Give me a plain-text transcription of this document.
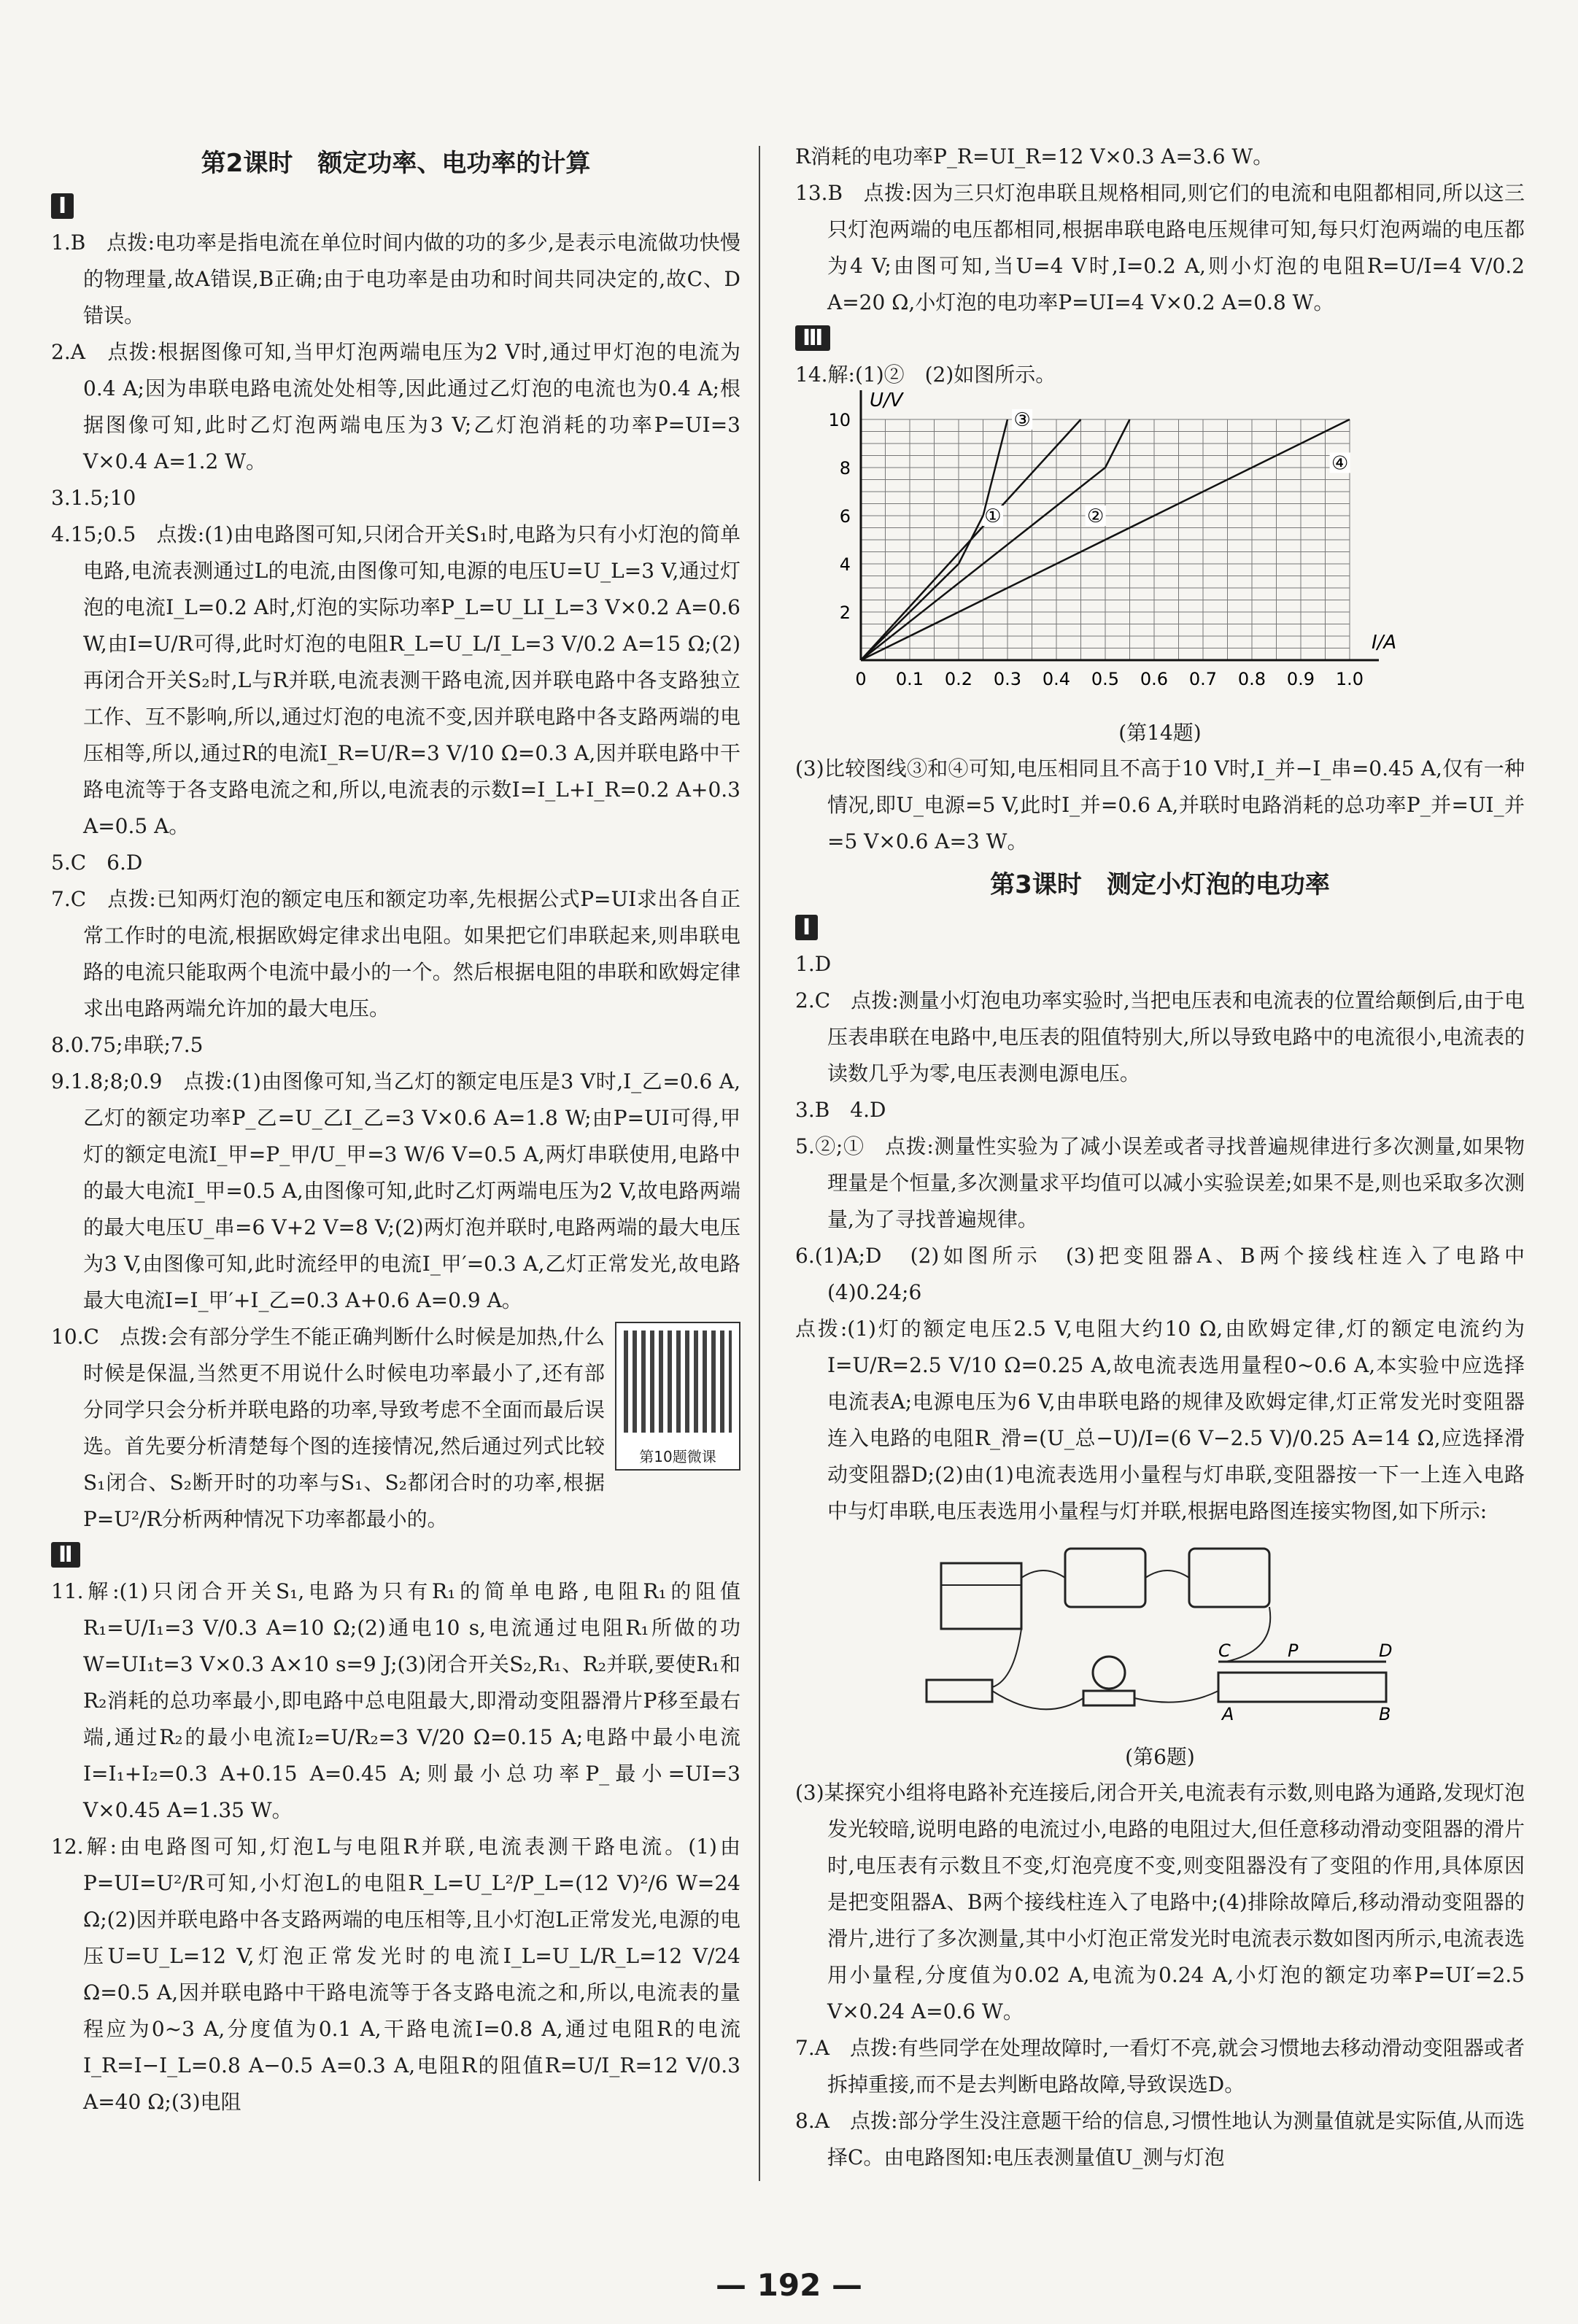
第2课时　额定功率、电功率的计算
Ⅰ

1.B　点拨:电功率是指电流在单位时间内做的功的多少,是表示电流做功快慢的物理量,故A错误,B正确;由于电功率是由功和时间共同决定的,故C、D错误。

2.A　点拨:根据图像可知,当甲灯泡两端电压为2 V时,通过甲灯泡的电流为0.4 A;因为串联电路电流处处相等,因此通过乙灯泡的电流也为0.4 A;根据图像可知,此时乙灯泡两端电压为3 V;乙灯泡消耗的功率P=UI=3 V×0.4 A=1.2 W。

3.1.5;10

4.15;0.5　点拨:(1)由电路图可知,只闭合开关S₁时,电路为只有小灯泡的简单电路,电流表测通过L的电流,由图像可知,电源的电压U=U_L=3 V,通过灯泡的电流I_L=0.2 A时,灯泡的实际功率P_L=U_LI_L=3 V×0.2 A=0.6 W,由I=U/R可得,此时灯泡的电阻R_L=U_L/I_L=3 V/0.2 A=15 Ω;(2)再闭合开关S₂时,L与R并联,电流表测干路电流,因并联电路中各支路独立工作、互不影响,所以,通过灯泡的电流不变,因并联电路中各支路两端的电压相等,所以,通过R的电流I_R=U/R=3 V/10 Ω=0.3 A,因并联电路中干路电流等于各支路电流之和,所以,电流表的示数I=I_L+I_R=0.2 A+0.3 A=0.5 A。

5.C　6.D

7.C　点拨:已知两灯泡的额定电压和额定功率,先根据公式P=UI求出各自正常工作时的电流,根据欧姆定律求出电阻。如果把它们串联起来,则串联电路的电流只能取两个电流中最小的一个。然后根据电阻的串联和欧姆定律求出电路两端允许加的最大电压。

8.0.75;串联;7.5

9.1.8;8;0.9　点拨:(1)由图像可知,当乙灯的额定电压是3 V时,I_乙=0.6 A,乙灯的额定功率P_乙=U_乙I_乙=3 V×0.6 A=1.8 W;由P=UI可得,甲灯的额定电流I_甲=P_甲/U_甲=3 W/6 V=0.5 A,两灯串联使用,电路中的最大电流I_甲=0.5 A,由图像可知,此时乙灯两端电压为2 V,故电路两端的最大电压U_串=6 V+2 V=8 V;(2)两灯泡并联时,电路两端的最大电压为3 V,由图像可知,此时流经甲的电流I_甲′=0.3 A,乙灯正常发光,故电路最大电流I=I_甲′+I_乙=0.3 A+0.6 A=0.9 A。

第10题微课

10.C　点拨:会有部分学生不能正确判断什么时候是加热,什么时候是保温,当然更不用说什么时候电功率最小了,还有部分同学只会分析并联电路的功率,导致考虑不全面而最后误选。首先要分析清楚每个图的连接情况,然后通过列式比较S₁闭合、S₂断开时的功率与S₁、S₂都闭合时的功率,根据P=U²/R分析两种情况下功率都最小的。

Ⅱ

11.解:(1)只闭合开关S₁,电路为只有R₁的简单电路,电阻R₁的阻值R₁=U/I₁=3 V/0.3 A=10 Ω;(2)通电10 s,电流通过电阻R₁所做的功W=UI₁t=3 V×0.3 A×10 s=9 J;(3)闭合开关S₂,R₁、R₂并联,要使R₁和R₂消耗的总功率最小,即电路中总电阻最大,即滑动变阻器滑片P移至最右端,通过R₂的最小电流I₂=U/R₂=3 V/20 Ω=0.15 A;电路中最小电流I=I₁+I₂=0.3 A+0.15 A=0.45 A;则最小总功率P_最小=UI=3 V×0.45 A=1.35 W。

12.解:由电路图可知,灯泡L与电阻R并联,电流表测干路电流。(1)由P=UI=U²/R可知,小灯泡L的电阻R_L=U_L²/P_L=(12 V)²/6 W=24 Ω;(2)因并联电路中各支路两端的电压相等,且小灯泡L正常发光,电源的电压U=U_L=12 V,灯泡正常发光时的电流I_L=U_L/R_L=12 V/24 Ω=0.5 A,因并联电路中干路电流等于各支路电流之和,所以,电流表的量程应为0~3 A,分度值为0.1 A,干路电流I=0.8 A,通过电阻R的电流I_R=I−I_L=0.8 A−0.5 A=0.3 A,电阻R的阻值R=U/I_R=12 V/0.3 A=40 Ω;(3)电阻

R消耗的电功率P_R=UI_R=12 V×0.3 A=3.6 W。

13.B　点拨:因为三只灯泡串联且规格相同,则它们的电流和电阻都相同,所以这三只灯泡两端的电压都相同,根据串联电路电压规律可知,每只灯泡两端的电压都为4 V;由图可知,当U=4 V时,I=0.2 A,则小灯泡的电阻R=U/I=4 V/0.2 A=20 Ω,小灯泡的电功率P=UI=4 V×0.2 A=0.8 W。

Ⅲ

14.解:(1)②　(2)如图所示。

0 0.1 0.2 0.3 0.4 0.5 0.6 0.7 0.8 0.9 1.0
2
4
6
8
10
I/A
U/V
①	②
③
④
(第14题)

(3)比较图线③和④可知,电压相同且不高于10 V时,I_并−I_串=0.45 A,仅有一种情况,即U_电源=5 V,此时I_并=0.6 A,并联时电路消耗的总功率P_并=UI_并=5 V×0.6 A=3 W。

第3课时　测定小灯泡的电功率
Ⅰ

1.D

2.C　点拨:测量小灯泡电功率实验时,当把电压表和电流表的位置给颠倒后,由于电压表串联在电路中,电压表的阻值特别大,所以导致电路中的电流很小,电流表的读数几乎为零,电压表测电源电压。

3.B　4.D

5.②;①　点拨:测量性实验为了减小误差或者寻找普遍规律进行多次测量,如果物理量是个恒量,多次测量求平均值可以减小实验误差;如果不是,则也采取多次测量,为了寻找普遍规律。

6.(1)A;D　(2)如图所示　(3)把变阻器A、B两个接线柱连入了电路中　(4)0.24;6

点拨:(1)灯的额定电压2.5 V,电阻大约10 Ω,由欧姆定律,灯的额定电流约为I=U/R=2.5 V/10 Ω=0.25 A,故电流表选用量程0~0.6 A,本实验中应选择电流表A;电源电压为6 V,由串联电路的规律及欧姆定律,灯正常发光时变阻器连入电路的电阻R_滑=(U_总−U)/I=(6 V−2.5 V)/0.25 A=14 Ω,应选择滑动变阻器D;(2)由(1)电流表选用小量程与灯串联,变阻器按一下一上连入电路中与灯串联,电压表选用小量程与灯并联,根据电路图连接实物图,如下所示:

C	P	D
A	B
(第6题)

(3)某探究小组将电路补充连接后,闭合开关,电流表有示数,则电路为通路,发现灯泡发光较暗,说明电路的电流过小,电路的电阻过大,但任意移动滑动变阻器的滑片时,电压表有示数且不变,灯泡亮度不变,则变阻器没有了变阻的作用,具体原因是把变阻器A、B两个接线柱连入了电路中;(4)排除故障后,移动滑动变阻器的滑片,进行了多次测量,其中小灯泡正常发光时电流表示数如图丙所示,电流表选用小量程,分度值为0.02 A,电流为0.24 A,小灯泡的额定功率P=UI′=2.5 V×0.24 A=0.6 W。

7.A　点拨:有些同学在处理故障时,一看灯不亮,就会习惯地去移动滑动变阻器或者拆掉重接,而不是去判断电路故障,导致误选D。

8.A　点拨:部分学生没注意题干给的信息,习惯性地认为测量值就是实际值,从而选择C。由电路图知:电压表测量值U_测与灯泡

— 192 —
